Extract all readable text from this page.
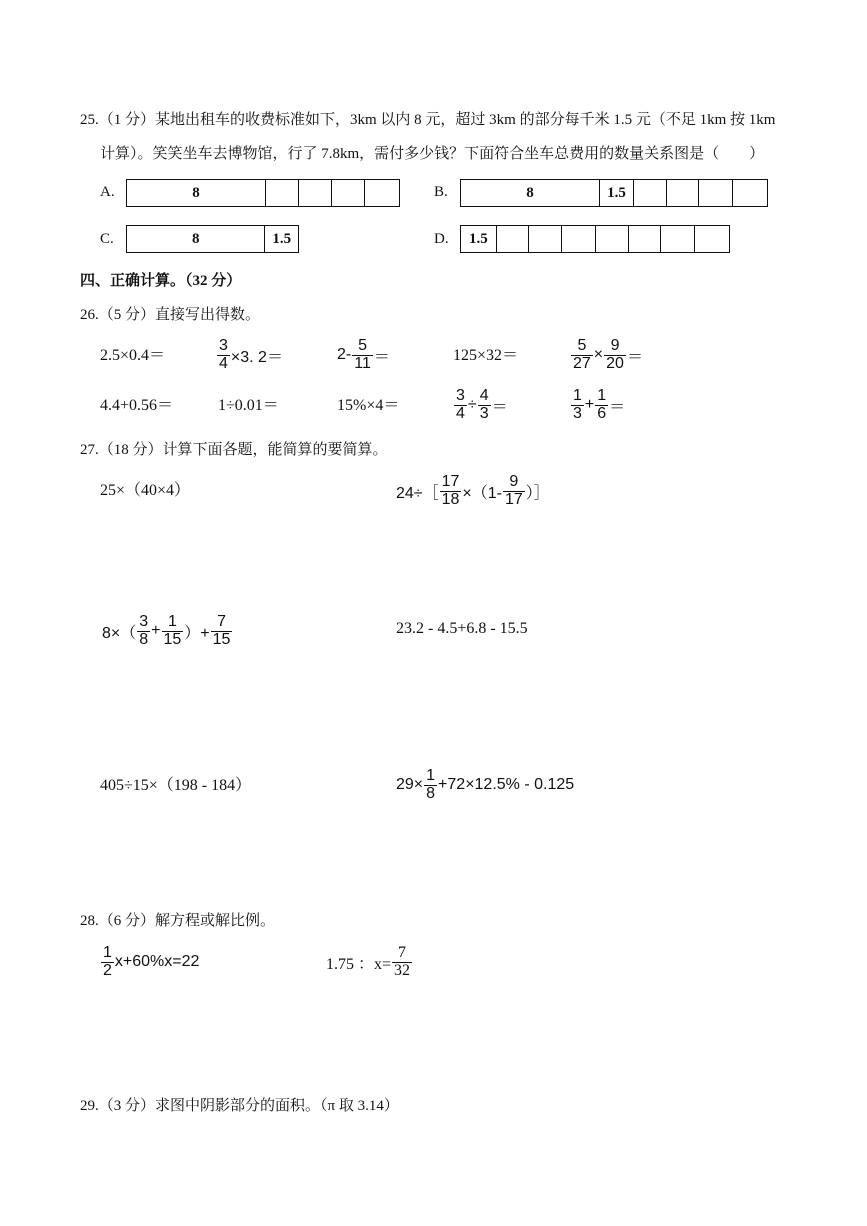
25.（1 分）某地出租车的收费标准如下，3km 以内 8 元，超过 3km 的部分每千米 1.5 元（不足 1km 按 1km
计算）。笑笑坐车去博物馆，行了 7.8km，需付多少钱？下面符合坐车总费用的数量关系图是（　　）
A.	8	B.	8	1.5
C.	8	1.5	D.	1.5
四、正确计算。（32 分）
26.（5 分）直接写出得数。
2.5×0.4＝	$\frac{3}{4} \times 3$. 2＝	$2- \frac{5}{11}$ ＝	125×32＝	$\frac{5}{27} \times \frac{9}{20}$ ＝
4.4+0.56＝	1÷0.01＝	15%×4＝	$\frac{3}{4} \div \frac{4}{3}$ ＝	$\frac{1}{3} + \frac{1}{6}$ ＝
27.（18 分）计算下面各题，能简算的要简算。
25×（40×4）	24÷［ $\frac{17}{18} \times(1- \frac{9}{17}$ ）］
$8\times( \frac{3}{8} + \frac{1}{15}$ ）+ $\frac{7}{15}$	23.2 - 4.5+6.8 - 15.5
405÷15×（198 - 184）	$29\times \frac{1}{8} +72\times 12.5\% - 0.125$
28.（6 分）解方程或解比例。
$\frac{1}{2} x+60\%x=22$	1.75 ：$x= \frac{7}{32}$
29.（3 分）求图中阴影部分的面积。（π 取 3.14）
